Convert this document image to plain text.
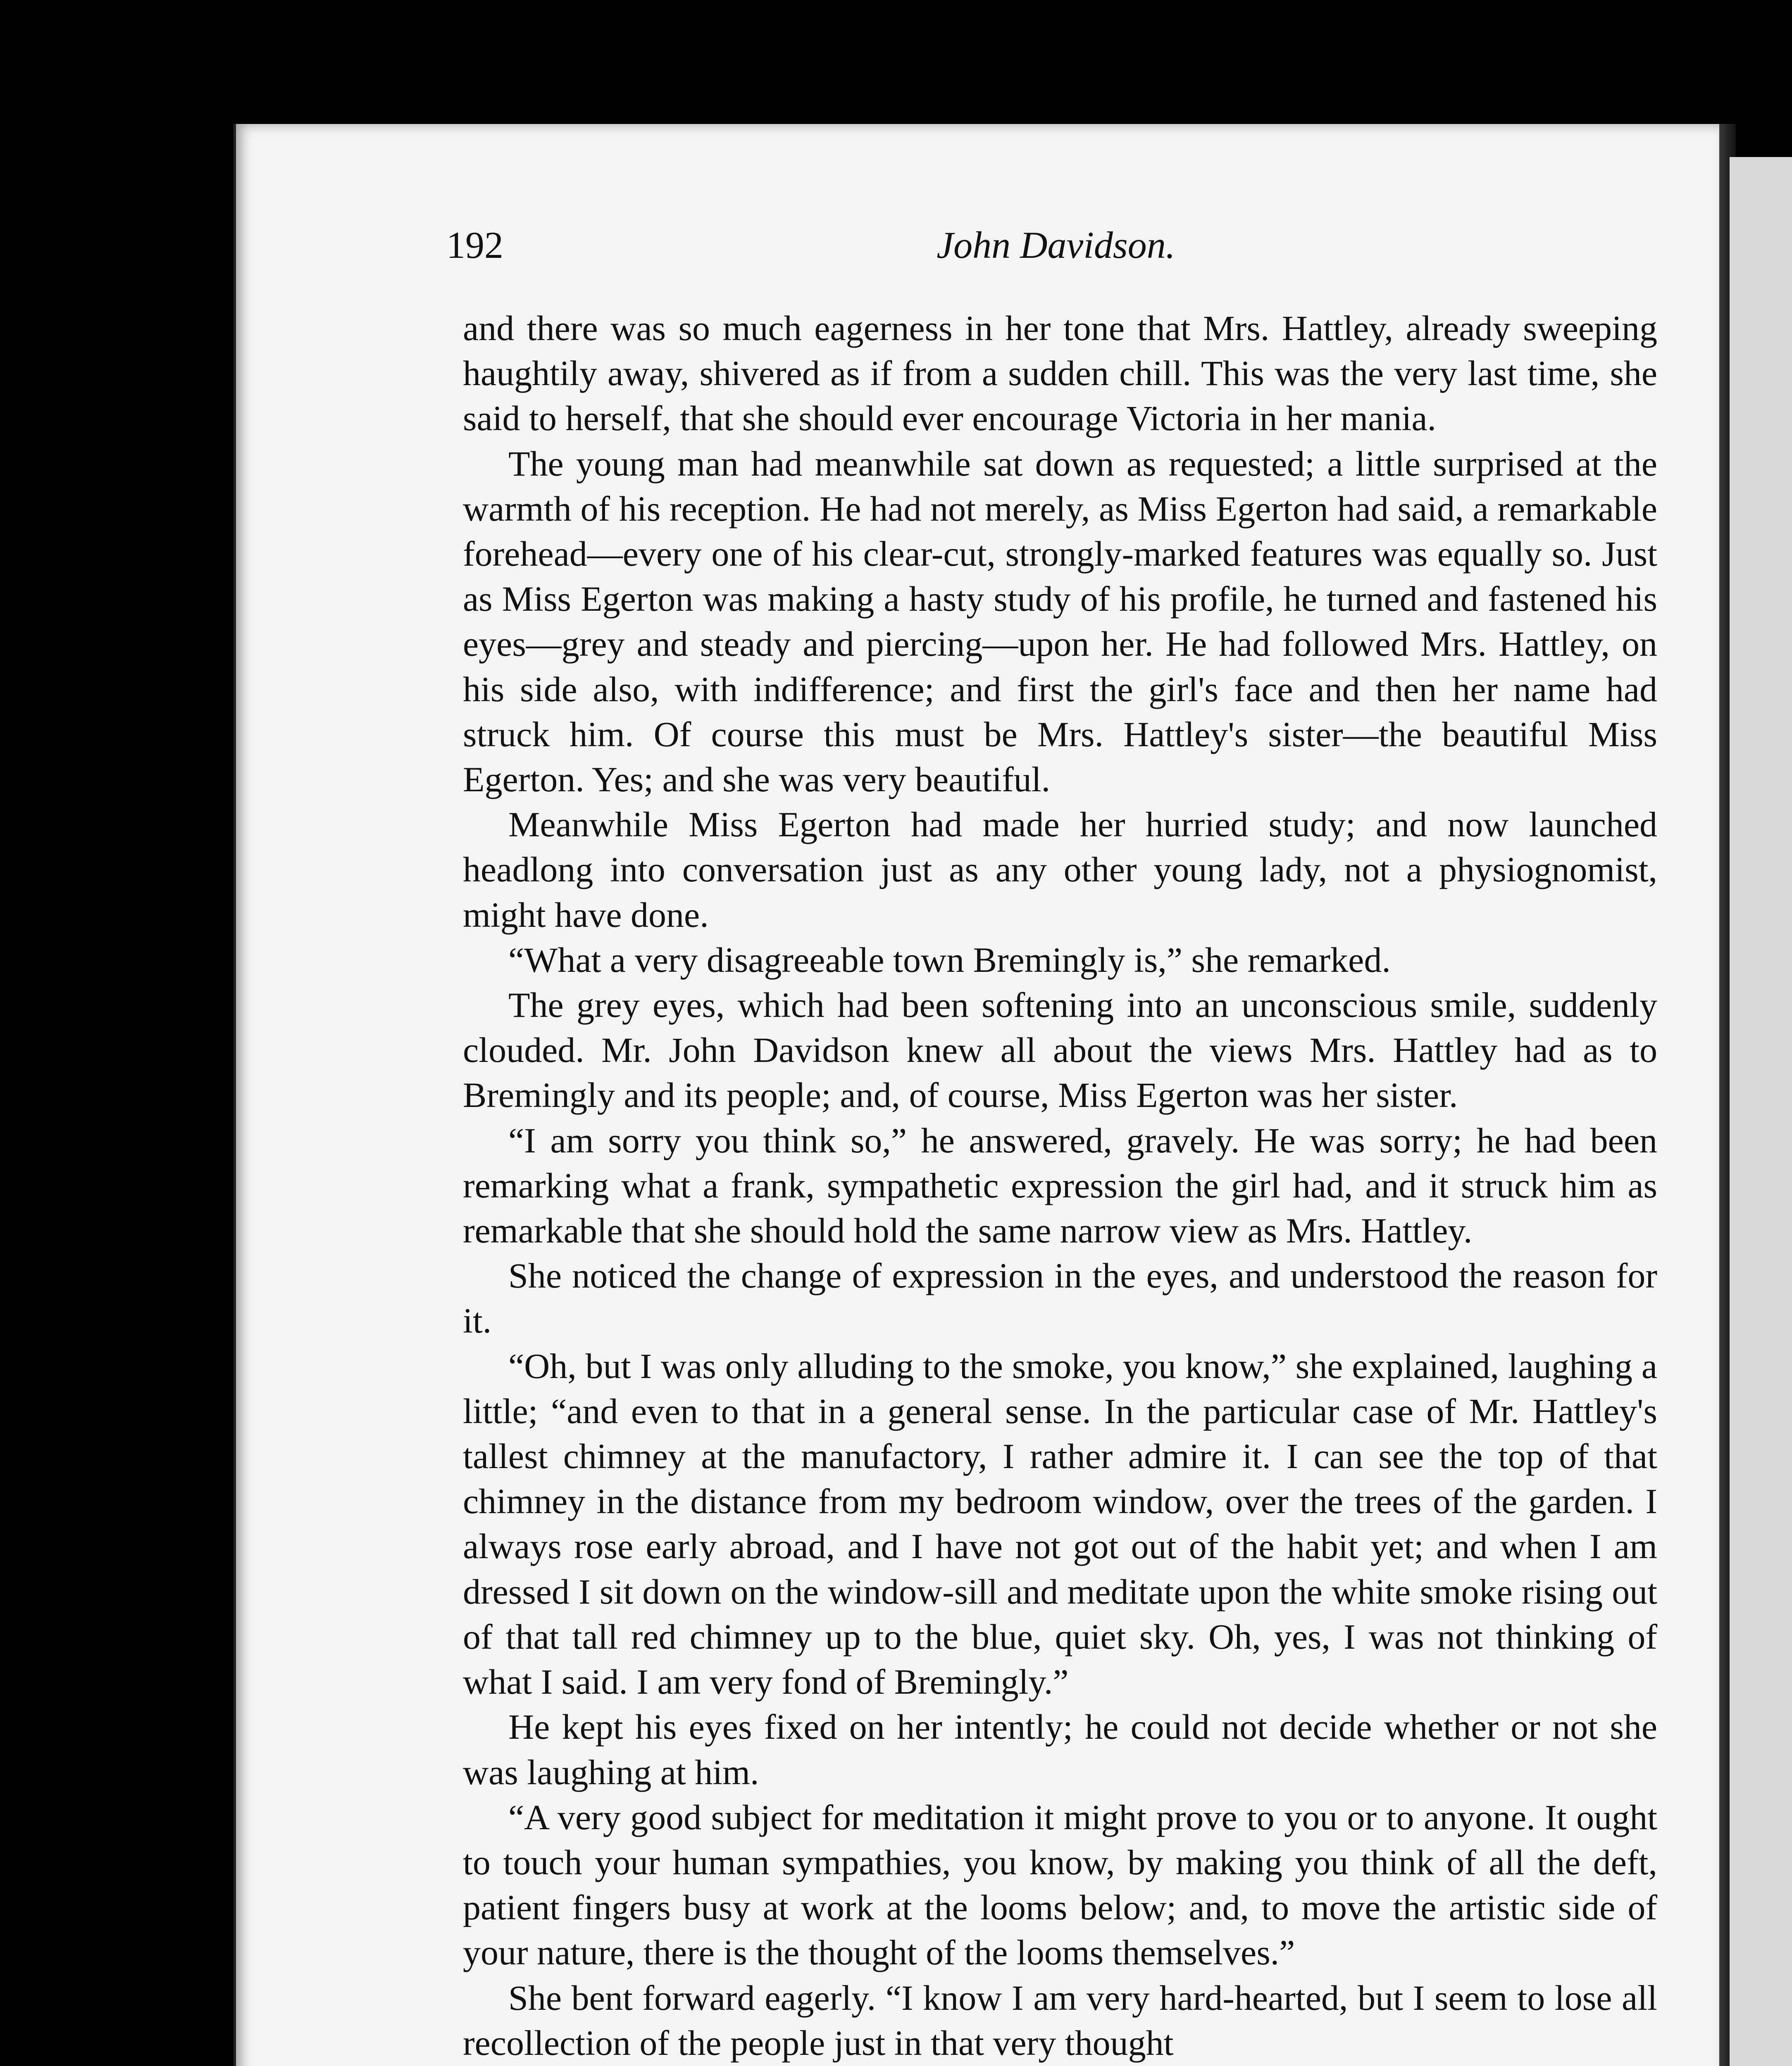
192	John Davidson.

and there was so much eagerness in her tone that Mrs. Hattley, already sweeping haughtily away, shivered as if from a sudden chill. This was the very last time, she said to herself, that she should ever encourage Victoria in her mania.

The young man had meanwhile sat down as requested; a little surprised at the warmth of his reception. He had not merely, as Miss Egerton had said, a remarkable forehead—every one of his clear-cut, strongly-marked features was equally so. Just as Miss Egerton was making a hasty study of his profile, he turned and fastened his eyes—grey and steady and piercing—upon her. He had followed Mrs. Hattley, on his side also, with indifference; and first the girl's face and then her name had struck him. Of course this must be Mrs. Hattley's sister—the beautiful Miss Egerton. Yes; and she was very beautiful.

Meanwhile Miss Egerton had made her hurried study; and now launched headlong into conversation just as any other young lady, not a physiognomist, might have done.

“What a very disagreeable town Bremingly is,” she remarked.

The grey eyes, which had been softening into an unconscious smile, suddenly clouded. Mr. John Davidson knew all about the views Mrs. Hattley had as to Bremingly and its people; and, of course, Miss Egerton was her sister.

“I am sorry you think so,” he answered, gravely. He was sorry; he had been remarking what a frank, sympathetic expression the girl had, and it struck him as remarkable that she should hold the same narrow view as Mrs. Hattley.

She noticed the change of expression in the eyes, and understood the reason for it.

“Oh, but I was only alluding to the smoke, you know,” she explained, laughing a little; “and even to that in a general sense. In the particular case of Mr. Hattley's tallest chimney at the manufactory, I rather admire it. I can see the top of that chimney in the distance from my bedroom window, over the trees of the garden. I always rose early abroad, and I have not got out of the habit yet; and when I am dressed I sit down on the window-sill and meditate upon the white smoke rising out of that tall red chimney up to the blue, quiet sky. Oh, yes, I was not thinking of what I said. I am very fond of Bremingly.”

He kept his eyes fixed on her intently; he could not decide whether or not she was laughing at him.

“A very good subject for meditation it might prove to you or to anyone. It ought to touch your human sympathies, you know, by making you think of all the deft, patient fingers busy at work at the looms below; and, to move the artistic side of your nature, there is the thought of the looms themselves.”

She bent forward eagerly. “I know I am very hard-hearted, but I seem to lose all recollection of the people just in that very thought
